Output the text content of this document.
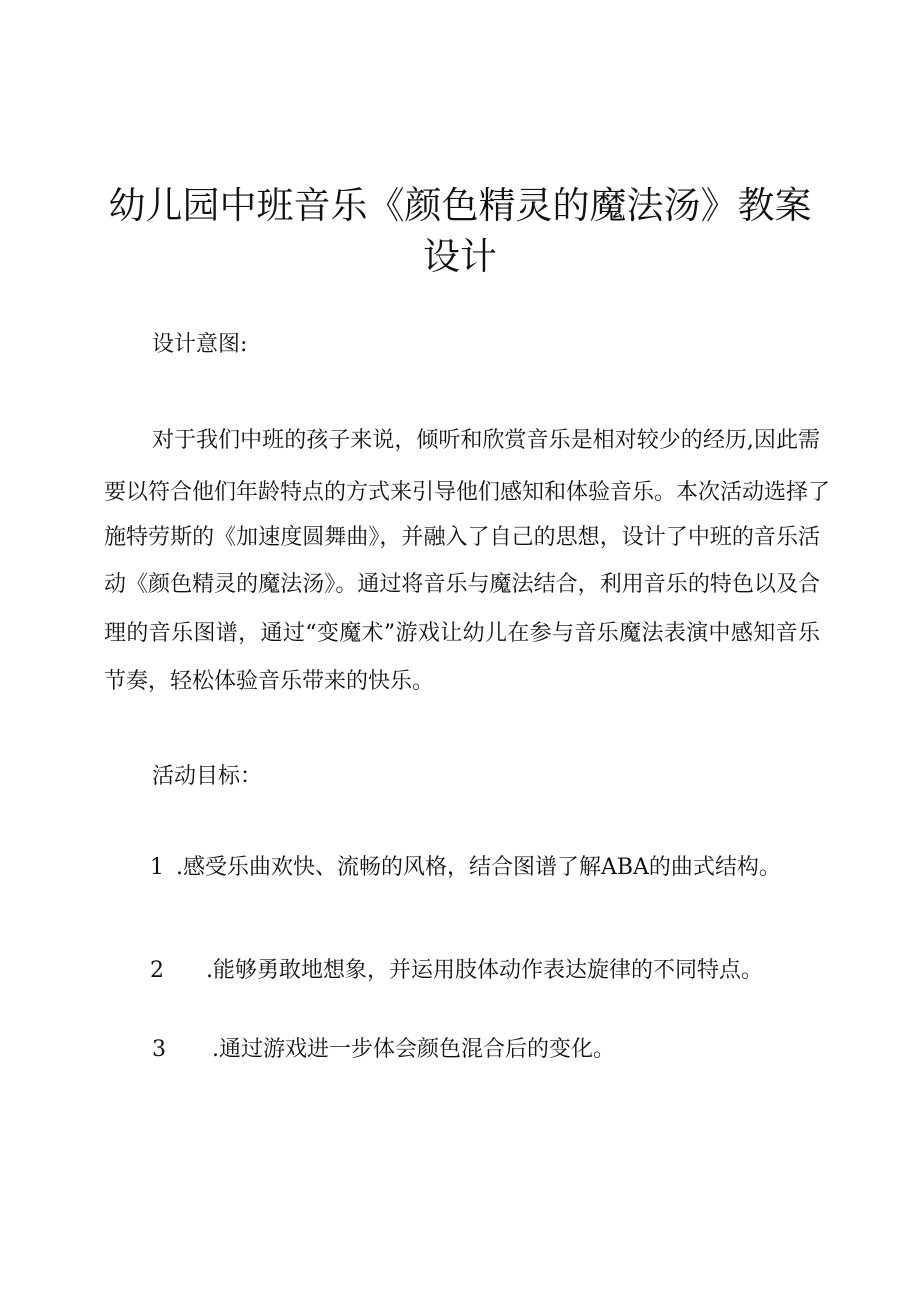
幼儿园中班音乐《颜色精灵的魔法汤》教案
设计

设计意图:

对于我们中班的孩子来说，倾听和欣赏音乐是相对较少的经历,因此需

要以符合他们年龄特点的方式来引导他们感知和体验音乐。本次活动选择了

施特劳斯的《加速度圆舞曲》，并融入了自己的思想，设计了中班的音乐活

动《颜色精灵的魔法汤》。通过将音乐与魔法结合，利用音乐的特色以及合

理的音乐图谱，通过“变魔术”游戏让幼儿在参与音乐魔法表演中感知音乐

节奏，轻松体验音乐带来的快乐。

活动目标：

1 .感受乐曲欢快、流畅的风格，结合图谱了解ABA的曲式结构。

2 .能够勇敢地想象，并运用肢体动作表达旋律的不同特点。

3 .通过游戏进一步体会颜色混合后的变化。
